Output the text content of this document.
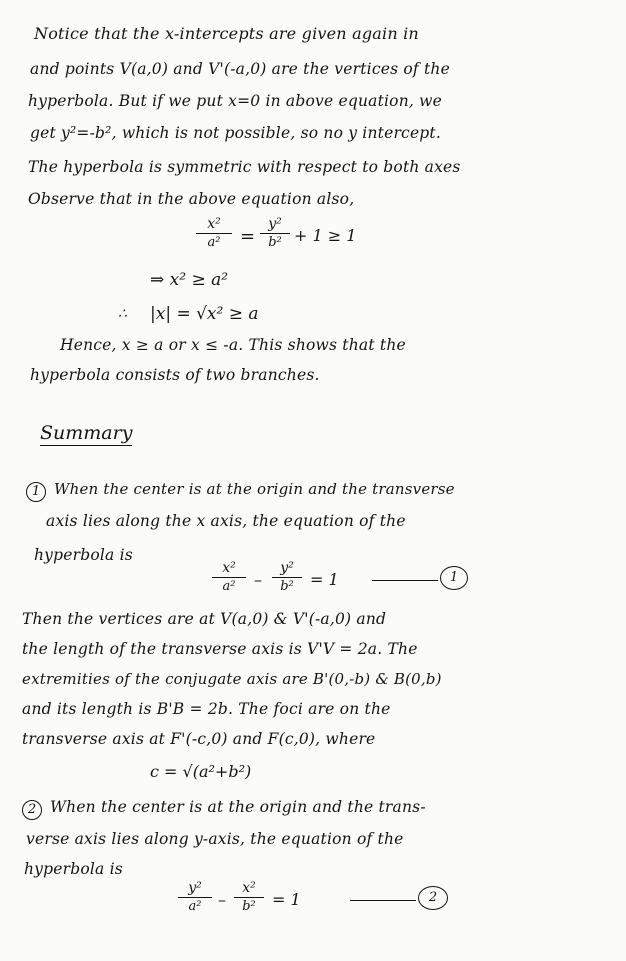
Notice that the x-intercepts are given again in
and points V(a,0) and V'(-a,0) are the vertices of the
hyperbola. But if we put x=0 in above equation, we
get y²=-b², which is not possible, so no y intercept.
The hyperbola is symmetric with respect to both axes
Observe that in the above equation also,
x²
a²	=
y²
b² + 1 ≥ 1
⇒ x² ≥ a²
∴ |x| = √x² ≥ a
Hence, x ≥ a or x ≤ -a. This shows that the
hyperbola consists of two branches.
Summary
1 When the center is at the origin and the transverse
axis lies along the x axis, the equation of the
hyperbola is
x²
a²	–
y²
b²	= 1	1
Then the vertices are at V(a,0) & V'(-a,0) and
the length of the transverse axis is V'V = 2a. The
extremities of the conjugate axis are B'(0,-b) & B(0,b)
and its length is B'B = 2b. The foci are on the
transverse axis at F'(-c,0) and F(c,0), where
c = √(a²+b²)
2 When the center is at the origin and the trans-
verse axis lies along y-axis, the equation of the
hyperbola is
y²
a²	–
x²
b²	= 1	2
